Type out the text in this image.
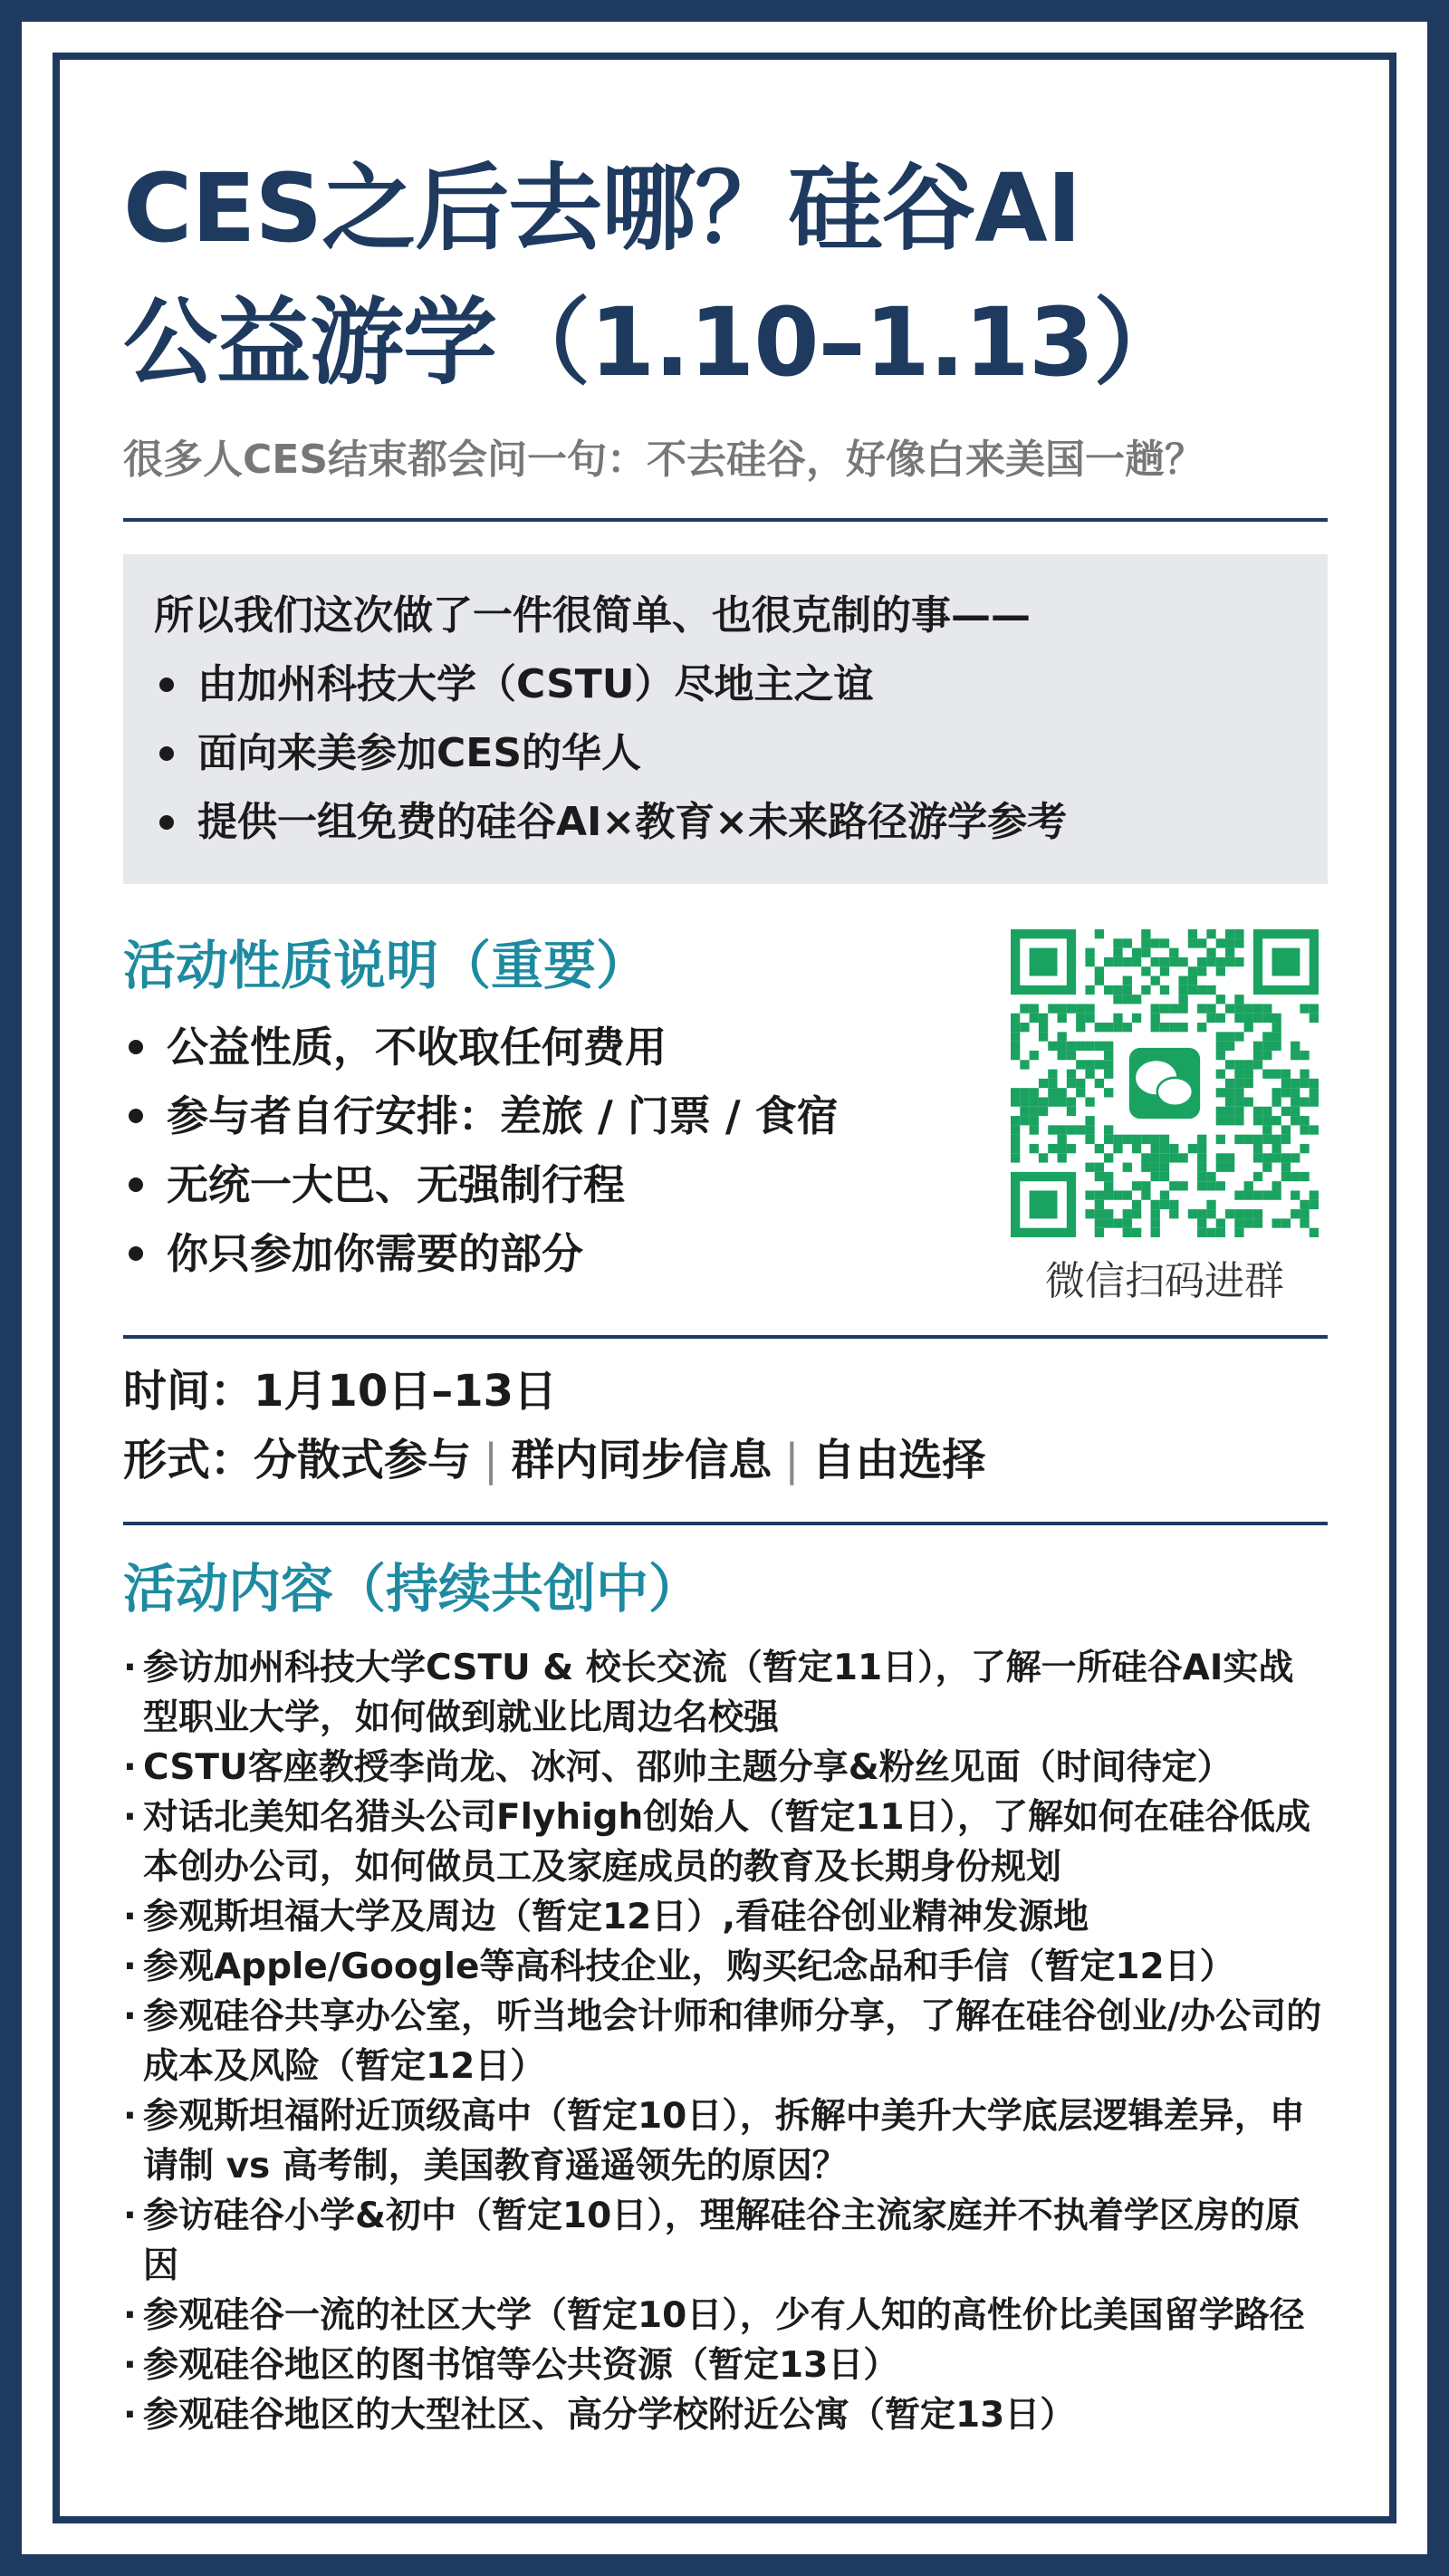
CES之后去哪？硅谷AI
公益游学（1.10–1.13）
很多人CES结束都会问一句：不去硅谷，好像白来美国一趟？
所以我们这次做了一件很简单、也很克制的事——
由加州科技大学（CSTU）尽地主之谊
面向来美参加CES的华人
提供一组免费的硅谷AI×教育×未来路径游学参考
活动性质说明（重要）
公益性质，不收取任何费用
参与者自行安排：差旅 / 门票 / 食宿
无统一大巴、无强制行程
你只参加你需要的部分
微信扫码进群
时间：1月10日–13日
形式：分散式参与 | 群内同步信息 | 自由选择
活动内容（持续共创中）
· 参访加州科技大学CSTU & 校长交流（暂定11日），了解一所硅谷AI实战型职业大学，如何做到就业比周边名校强
· CSTU客座教授李尚龙、冰河、邵帅主题分享&粉丝见面（时间待定）
· 对话北美知名猎头公司Flyhigh创始人（暂定11日），了解如何在硅谷低成本创办公司，如何做员工及家庭成员的教育及长期身份规划
· 参观斯坦福大学及周边（暂定12日）,看硅谷创业精神发源地
· 参观Apple/Google等高科技企业，购买纪念品和手信（暂定12日）
· 参观硅谷共享办公室，听当地会计师和律师分享，了解在硅谷创业/办公司的成本及风险（暂定12日）
· 参观斯坦福附近顶级高中（暂定10日），拆解中美升大学底层逻辑差异，申请制 vs 高考制，美国教育遥遥领先的原因？
· 参访硅谷小学&初中（暂定10日），理解硅谷主流家庭并不执着学区房的原因
· 参观硅谷一流的社区大学（暂定10日），少有人知的高性价比美国留学路径
· 参观硅谷地区的图书馆等公共资源（暂定13日）
· 参观硅谷地区的大型社区、高分学校附近公寓（暂定13日）
